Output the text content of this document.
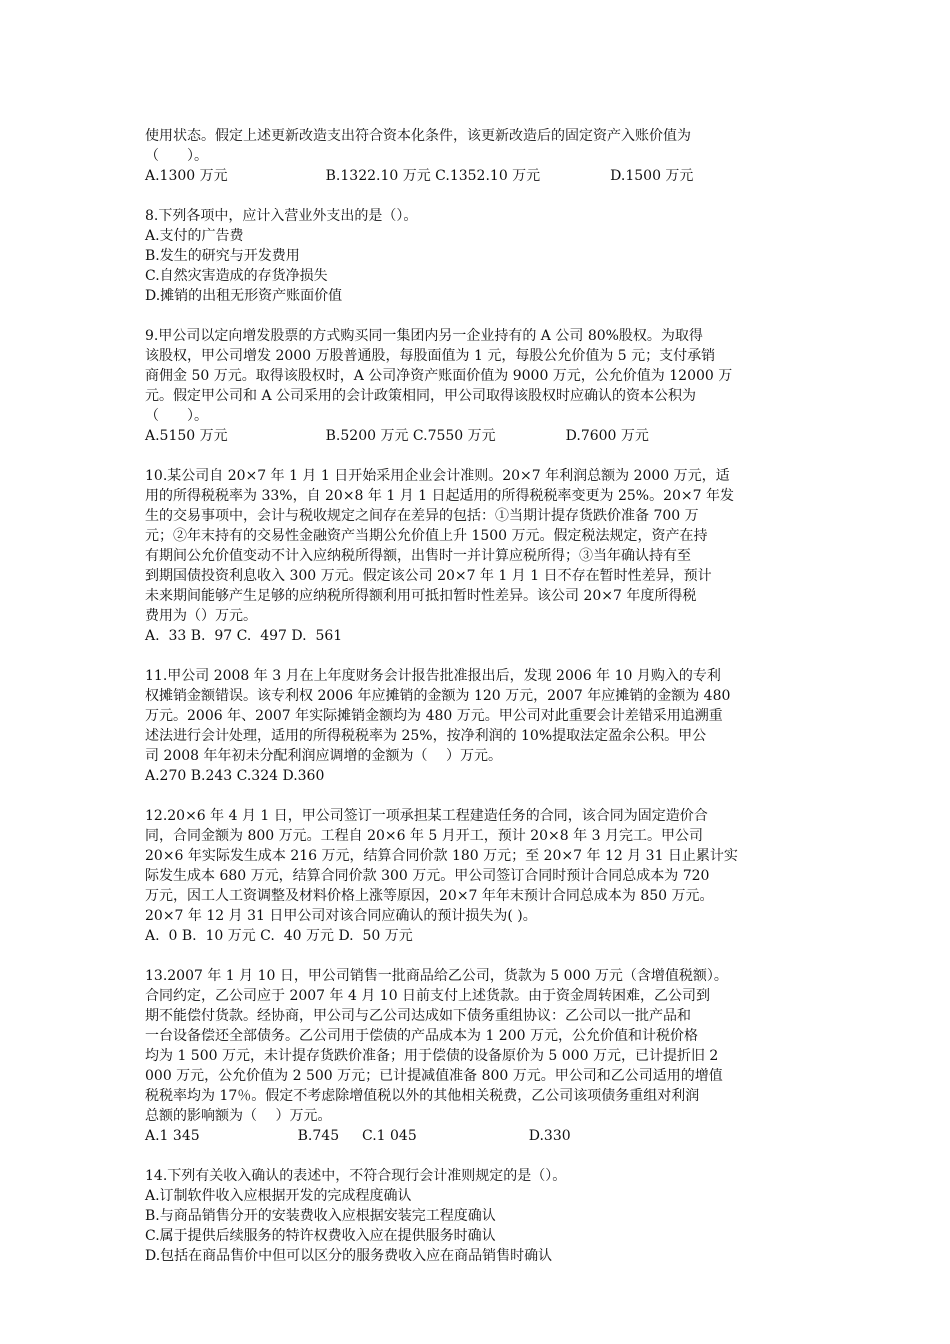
使用状态。假定上述更新改造支出符合资本化条件，该更新改造后的固定资产入账价值为
（　　）。
A.1300 万元　　　　　　　B.1322.10 万元 C.1352.10 万元　　　　　D.1500 万元
8.下列各项中，应计入营业外支出的是（）。
A.支付的广告费
B.发生的研究与开发费用
C.自然灾害造成的存货净损失
D.摊销的出租无形资产账面价值
9.甲公司以定向增发股票的方式购买同一集团内另一企业持有的 A 公司 80%股权。为取得
该股权，甲公司增发 2000 万股普通股，每股面值为 1 元，每股公允价值为 5 元；支付承销
商佣金 50 万元。取得该股权时，A 公司净资产账面价值为 9000 万元，公允价值为 12000 万
元。假定甲公司和 A 公司采用的会计政策相同，甲公司取得该股权时应确认的资本公积为
（　　）。
A.5150 万元　　　　　　　B.5200 万元 C.7550 万元　　　　　D.7600 万元
10.某公司自 20×7 年 1 月 1 日开始采用企业会计准则。20×7 年利润总额为 2000 万元，适
用的所得税税率为 33%，自 20×8 年 1 月 1 日起适用的所得税税率变更为 25%。20×7 年发
生的交易事项中，会计与税收规定之间存在差异的包括：①当期计提存货跌价准备 700 万
元；②年末持有的交易性金融资产当期公允价值上升 1500 万元。假定税法规定，资产在持
有期间公允价值变动不计入应纳税所得额，出售时一并计算应税所得；③当年确认持有至
到期国债投资利息收入 300 万元。假定该公司 20×7 年 1 月 1 日不存在暂时性差异，预计
未来期间能够产生足够的应纳税所得额利用可抵扣暂时性差异。该公司 20×7 年度所得税
费用为（）万元。
A.  33 B.  97 C.  497 D.  561
11.甲公司 2008 年 3 月在上年度财务会计报告批准报出后，发现 2006 年 10 月购入的专利
权摊销金额错误。该专利权 2006 年应摊销的金额为 120 万元，2007 年应摊销的金额为 480
万元。2006 年、2007 年实际摊销金额均为 480 万元。甲公司对此重要会计差错采用追溯重
述法进行会计处理，适用的所得税税率为 25%，按净利润的 10%提取法定盈余公积。甲公
司 2008 年年初未分配利润应调增的金额为（　 ）万元。
A.270 B.243 C.324 D.360
12.20×6 年 4 月 1 日，甲公司签订一项承担某工程建造任务的合同，该合同为固定造价合
同，合同金额为 800 万元。工程自 20×6 年 5 月开工，预计 20×8 年 3 月完工。甲公司
20×6 年实际发生成本 216 万元，结算合同价款 180 万元；至 20×7 年 12 月 31 日止累计实
际发生成本 680 万元，结算合同价款 300 万元。甲公司签订合同时预计合同总成本为 720
万元，因工人工资调整及材料价格上涨等原因，20×7 年年末预计合同总成本为 850 万元。
20×7 年 12 月 31 日甲公司对该合同应确认的预计损失为( )。
A.  0 B.  10 万元 C.  40 万元 D.  50 万元
13.2007 年 1 月 10 日，甲公司销售一批商品给乙公司，货款为 5 000 万元（含增值税额）。
合同约定，乙公司应于 2007 年 4 月 10 日前支付上述货款。由于资金周转困难，乙公司到
期不能偿付货款。经协商，甲公司与乙公司达成如下债务重组协议：乙公司以一批产品和
一台设备偿还全部债务。乙公司用于偿债的产品成本为 1 200 万元，公允价值和计税价格
均为 1 500 万元，未计提存货跌价准备；用于偿债的设备原价为 5 000 万元，已计提折旧 2
000 万元，公允价值为 2 500 万元；已计提减值准备 800 万元。甲公司和乙公司适用的增值
税税率均为 17％。假定不考虑除增值税以外的其他相关税费，乙公司该项债务重组对利润
总额的影响额为（　 ）万元。
A.1 345　　　　　　　B.745　  C.1 045　　　　　　　　D.330
14.下列有关收入确认的表述中，不符合现行会计准则规定的是（）。
A.订制软件收入应根据开发的完成程度确认
B.与商品销售分开的安装费收入应根据安装完工程度确认
C.属于提供后续服务的特许权费收入应在提供服务时确认
D.包括在商品售价中但可以区分的服务费收入应在商品销售时确认
